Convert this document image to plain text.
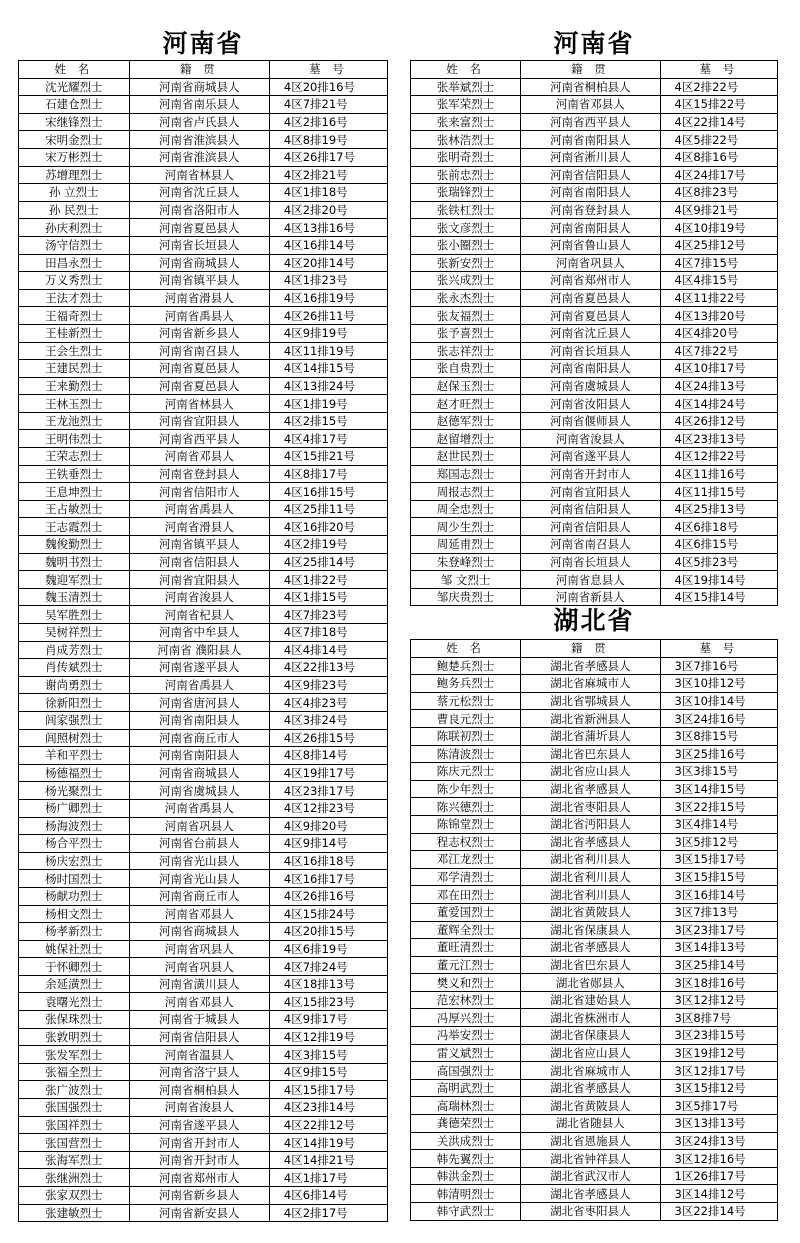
河南省
姓 名	籍 贯	墓 号
沈光耀烈士	河南省商城县人	4区20排16号
石建仓烈士	河南省南乐县人	4区7排21号
宋继锋烈士	河南省卢氏县人	4区2排16号
宋明金烈士	河南省淮滨县人	4区8排19号
宋万彬烈士	河南省淮滨县人	4区26排17号
苏增理烈士	河南省林县人	4区2排21号
孙 立烈士	河南省沈丘县人	4区1排18号
孙 民烈士	河南省洛阳市人	4区2排20号
孙庆利烈士	河南省夏邑县人	4区13排16号
汤守信烈士	河南省长垣县人	4区16排14号
田昌永烈士	河南省商城县人	4区20排14号
万义秀烈士	河南省镇平县人	4区1排23号
王法才烈士	河南省滑县人	4区16排19号
王福奇烈士	河南省禹县人	4区26排11号
王桂新烈士	河南省新乡县人	4区9排19号
王会生烈士	河南省南召县人	4区11排19号
王建民烈士	河南省夏邑县人	4区14排15号
王来勤烈士	河南省夏邑县人	4区13排24号
王林玉烈士	河南省林县人	4区1排19号
王龙池烈士	河南省宜阳县人	4区2排15号
王明伟烈士	河南省西平县人	4区4排17号
王荣志烈士	河南省邓县人	4区15排21号
王铁垂烈士	河南省登封县人	4区8排17号
王息坤烈士	河南省信阳市人	4区16排15号
王占敏烈士	河南省禹县人	4区25排11号
王志霞烈士	河南省滑县人	4区16排20号
魏俊勤烈士	河南省镇平县人	4区2排19号
魏明书烈士	河南省信阳县人	4区25排14号
魏迎军烈士	河南省宜阳县人	4区1排22号
魏玉清烈士	河南省浚县人	4区1排15号
吴军胜烈士	河南省杞县人	4区7排23号
吴树祥烈士	河南省中牟县人	4区7排18号
肖成芳烈士	河南省 濮阳县人	4区4排14号
肖传斌烈士	河南省遂平县人	4区22排13号
谢尚勇烈士	河南省禹县人	4区9排23号
徐新阳烈士	河南省唐河县人	4区4排23号
闾家强烈士	河南省南阳县人	4区3排24号
闾照树烈士	河南省商丘市人	4区26排15号
羊和平烈士	河南省南阳县人	4区8排14号
杨德福烈士	河南省商城县人	4区19排17号
杨光聚烈士	河南省虞城县人	4区23排17号
杨广卿烈士	河南省禹县人	4区12排23号
杨海波烈士	河南省巩县人	4区9排20号
杨合平烈士	河南省台前县人	4区9排14号
杨庆宏烈士	河南省光山县人	4区16排18号
杨时国烈士	河南省光山县人	4区16排17号
杨献功烈士	河南省商丘市人	4区26排16号
杨相文烈士	河南省邓县人	4区15排24号
杨孝新烈士	河南省商城县人	4区20排15号
姚保社烈士	河南省巩县人	4区6排19号
于怀卿烈士	河南省巩县人	4区7排24号
余延潢烈士	河南省潢川县人	4区18排13号
袁曙光烈士	河南省邓县人	4区15排23号
张保珠烈士	河南省于城县人	4区9排17号
张敦明烈士	河南省信阳县人	4区12排19号
张发军烈士	河南省温县人	4区3排15号
张福全烈士	河南省洛宁县人	4区9排15号
张广波烈士	河南省桐柏县人	4区15排17号
张国强烈士	河南省浚县人	4区23排14号
张国祥烈士	河南省遂平县人	4区22排12号
张国营烈士	河南省开封市人	4区14排19号
张海军烈士	河南省开封市人	4区14排21号
张继洲烈士	河南省郑州市人	4区1排17号
张家双烈士	河南省新乡县人	4区6排14号
张建敏烈士	河南省新安县人	4区2排17号
河南省
姓 名	籍 贯	墓 号
张举斌烈士	河南省桐柏县人	4区2排22号
张军荣烈士	河南省邓县人	4区15排22号
张来富烈士	河南省西平县人	4区22排14号
张林浩烈士	河南省南阳县人	4区5排22号
张明奇烈士	河南省淅川县人	4区8排16号
张前忠烈士	河南省信阳县人	4区24排17号
张瑞锋烈士	河南省南阳县人	4区8排23号
张铁杠烈士	河南省登封县人	4区9排21号
张文彦烈士	河南省南阳县人	4区10排19号
张小圈烈士	河南省鲁山县人	4区25排12号
张新安烈士	河南省巩县人	4区7排15号
张兴成烈士	河南省郑州市人	4区4排15号
张永杰烈士	河南省夏邑县人	4区11排22号
张友福烈士	河南省夏邑县人	4区13排20号
张予喜烈士	河南省沈丘县人	4区4排20号
张志祥烈士	河南省长垣县人	4区7排22号
张自贵烈士	河南省南阳县人	4区10排17号
赵保玉烈士	河南省虞城县人	4区24排13号
赵才旺烈士	河南省汝阳县人	4区14排24号
赵德军烈士	河南省偃师县人	4区26排12号
赵留增烈士	河南省浚县人	4区23排13号
赵世民烈士	河南省遂平县人	4区12排22号
郑国志烈士	河南省开封市人	4区11排16号
周报志烈士	河南省宜阳县人	4区11排15号
周全忠烈士	河南省信阳县人	4区25排13号
周少生烈士	河南省信阳县人	4区6排18号
周延甫烈士	河南省南召县人	4区6排15号
朱登峰烈士	河南省长垣县人	4区5排23号
邹 文烈士	河南省息县人	4区19排14号
邹庆贵烈士	河南省新县人	4区15排14号
湖北省
姓 名	籍 贯	墓 号
鲍楚兵烈士	湖北省孝感县人	3区7排16号
鲍务兵烈士	湖北省麻城市人	3区10排12号
蔡元松烈士	湖北省鄂城县人	3区10排14号
曹良元烈士	湖北省新洲县人	3区24排16号
陈联初烈士	湖北省蒲圻县人	3区8排15号
陈清波烈士	湖北省巴东县人	3区25排16号
陈庆元烈士	湖北省应山县人	3区3排15号
陈少年烈士	湖北省孝感县人	3区14排15号
陈兴德烈士	湖北省枣阳县人	3区22排15号
陈锦堂烈士	湖北省沔阳县人	3区4排14号
程志权烈士	湖北省孝感县人	3区5排12号
邓江龙烈士	湖北省利川县人	3区15排17号
邓学清烈士	湖北省利川县人	3区15排15号
邓在田烈士	湖北省利川县人	3区16排14号
董爱国烈士	湖北省黄陂县人	3区7排13号
董辉全烈士	湖北省保康县人	3区23排17号
董旺清烈士	湖北省孝感县人	3区14排13号
董元江烈士	湖北省巴东县人	3区25排14号
樊义和烈士	湖北省郧县人	3区18排16号
范宏林烈士	湖北省建始县人	3区12排12号
冯厚兴烈士	湖北省株洲市人	3区8排7号
冯举安烈士	湖北省保康县人	3区23排15号
雷义斌烈士	湖北省应山县人	3区19排12号
高国强烈士	湖北省麻城市人	3区12排17号
高明武烈士	湖北省孝感县人	3区15排12号
高瑞林烈士	湖北省黄陂县人	3区5排17号
龚德荣烈士	湖北省随县人	3区13排13号
关洪成烈士	湖北省恩施县人	3区24排13号
韩先翼烈士	湖北省钟祥县人	3区12排16号
韩洪金烈士	湖北省武汉市人	1区26排17号
韩清明烈士	湖北省孝感县人	3区14排12号
韩守武烈士	湖北省枣阳县人	3区22排14号
